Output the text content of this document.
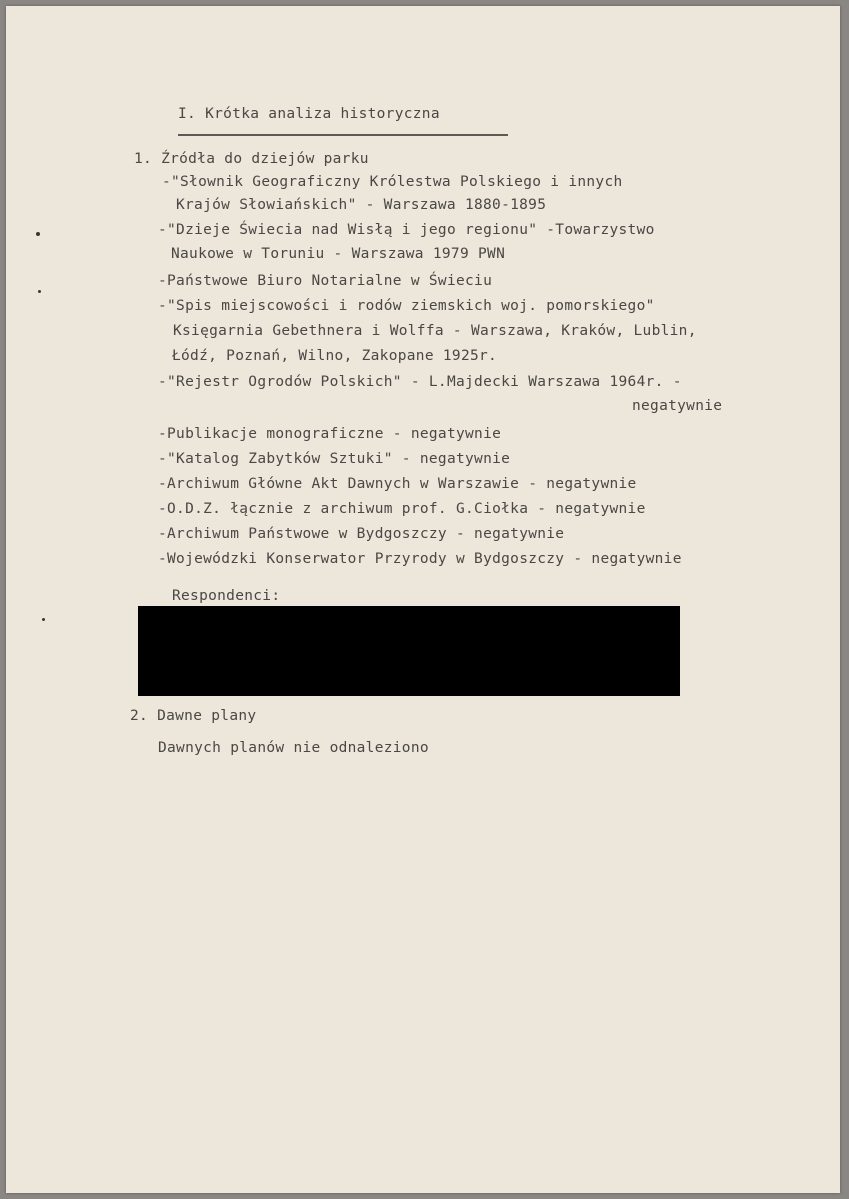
I. Krótka analiza historyczna
1. Źródła do dziejów parku
-"Słownik Geograficzny Królestwa Polskiego i innych
Krajów Słowiańskich" - Warszawa 1880-1895
-"Dzieje Świecia nad Wisłą i jego regionu" -Towarzystwo
Naukowe w Toruniu - Warszawa 1979 PWN
-Państwowe Biuro Notarialne w Świeciu
-"Spis miejscowości i rodów ziemskich woj. pomorskiego"
Księgarnia Gebethnera i Wolffa - Warszawa, Kraków, Lublin,
Łódź, Poznań, Wilno, Zakopane 1925r.
-"Rejestr Ogrodów Polskich" - L.Majdecki Warszawa 1964r. -
negatywnie
-Publikacje monograficzne - negatywnie
-"Katalog Zabytków Sztuki" - negatywnie
-Archiwum Główne Akt Dawnych w Warszawie - negatywnie
-O.D.Z. łącznie z archiwum prof. G.Ciołka - negatywnie
-Archiwum Państwowe w Bydgoszczy - negatywnie
-Wojewódzki Konserwator Przyrody w Bydgoszczy - negatywnie
Respondenci:
2. Dawne plany
Dawnych planów nie odnaleziono
